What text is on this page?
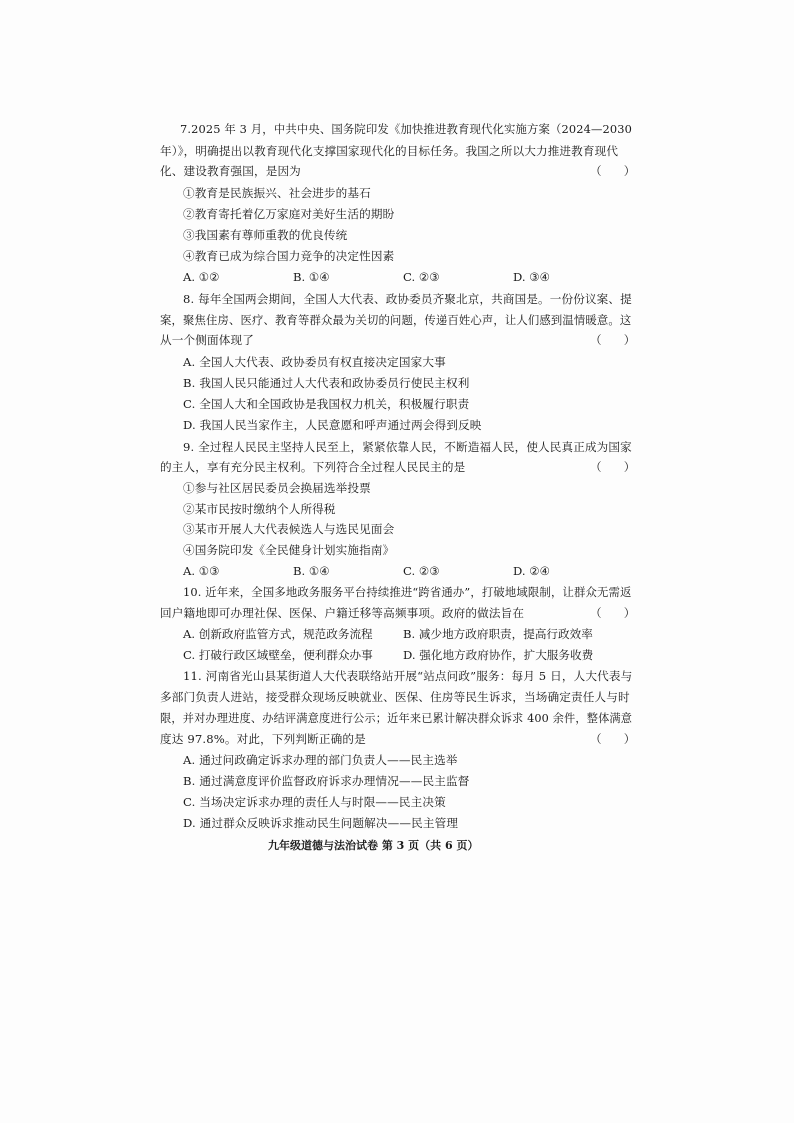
7.2025 年 3 月，中共中央、国务院印发《加快推进教育现代化实施方案（2024—2030
年）》，明确提出以教育现代化支撑国家现代化的目标任务。我国之所以大力推进教育现代
化、建设教育强国，是因为	（      ）
①教育是民族振兴、社会进步的基石
②教育寄托着亿万家庭对美好生活的期盼
③我国素有尊师重教的优良传统
④教育已成为综合国力竞争的决定性因素
A. ①②	B. ①④	C. ②③	D. ③④
8. 每年全国两会期间，全国人大代表、政协委员齐聚北京，共商国是。一份份议案、提
案，聚焦住房、医疗、教育等群众最为关切的问题，传递百姓心声，让人们感到温情暖意。这
从一个侧面体现了	（      ）
A. 全国人大代表、政协委员有权直接决定国家大事
B. 我国人民只能通过人大代表和政协委员行使民主权利
C. 全国人大和全国政协是我国权力机关，积极履行职责
D. 我国人民当家作主，人民意愿和呼声通过两会得到反映
9. 全过程人民民主坚持人民至上，紧紧依靠人民，不断造福人民，使人民真正成为国家
的主人，享有充分民主权利。下列符合全过程人民民主的是	（      ）
①参与社区居民委员会换届选举投票
②某市民按时缴纳个人所得税
③某市开展人大代表候选人与选民见面会
④国务院印发《全民健身计划实施指南》
A. ①③	B. ①④	C. ②③	D. ②④
10. 近年来，全国多地政务服务平台持续推进“跨省通办”，打破地域限制，让群众无需返
回户籍地即可办理社保、医保、户籍迁移等高频事项。政府的做法旨在	（      ）
A. 创新政府监管方式，规范政务流程	B. 减少地方政府职责，提高行政效率
C. 打破行政区域壁垒，便利群众办事	D. 强化地方政府协作，扩大服务收费
11. 河南省光山县某街道人大代表联络站开展“站点问政”服务：每月 5 日，人大代表与
多部门负责人进站，接受群众现场反映就业、医保、住房等民生诉求，当场确定责任人与时
限，并对办理进度、办结评满意度进行公示；近年来已累计解决群众诉求 400 余件，整体满意
度达 97.8%。对此，下列判断正确的是	（      ）
A. 通过问政确定诉求办理的部门负责人——民主选举
B. 通过满意度评价监督政府诉求办理情况——民主监督
C. 当场决定诉求办理的责任人与时限——民主决策
D. 通过群众反映诉求推动民生问题解决——民主管理
九年级道德与法治试卷 第 3 页（共 6 页）
